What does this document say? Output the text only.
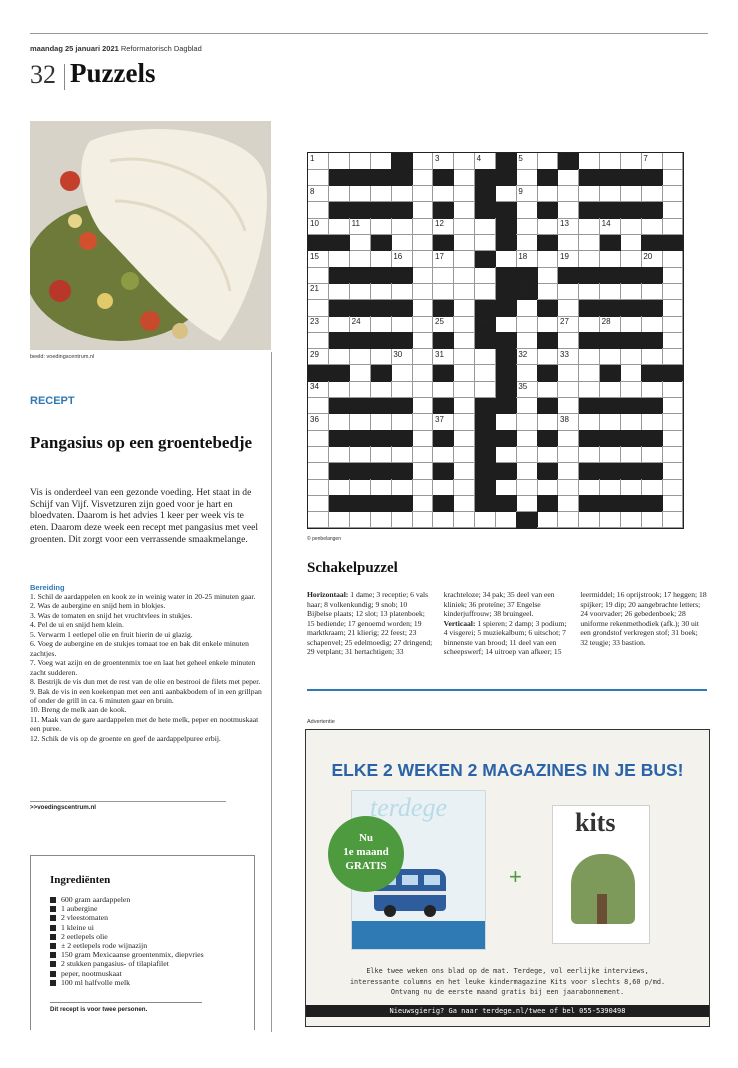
maandag 25 januari 2021 Reformatorisch Dagblad
32 Puzzels
beeld: voedingscentrum.nl
RECEPT
Pangasius op een groentebedje
Vis is onderdeel van een gezonde voeding. Het staat in de Schijf van Vijf. Visvetzuren zijn goed voor je hart en bloedvaten. Daarom is het advies 1 keer per week vis te eten. Daarom deze week een recept met pangasius met veel groenten. Dit zorgt voor een verrassende smaakmelange.
Bereiding
1. Schil de aardappelen en kook ze in weinig water in 20-25 minuten gaar.
2. Was de aubergine en snijd hem in blokjes.
3. Was de tomaten en snijd het vruchtvlees in stukjes.
4. Pel de ui en snijd hem klein.
5. Verwarm 1 eetlepel olie en fruit hierin de ui glazig.
6. Voeg de aubergine en de stukjes tomaat toe en bak dit enkele minuten zachtjes.
7. Voeg wat azijn en de groentenmix toe en laat het geheel enkele minuten zacht sudderen.
8. Bestrijk de vis dun met de rest van de olie en bestrooi de filets met peper.
9. Bak de vis in een koekenpan met een anti aanbakbodem of in een grillpan of onder de grill in ca. 6 minuten gaar en bruin.
10. Breng de melk aan de kook.
11. Maak van de gare aardappelen met de hete melk, peper en nootmuskaat een puree.
12. Schik de vis op de groente en geef de aardappelpuree erbij.
>>voedingscentrum.nl
Ingrediënten
600 gram aardappelen
1 aubergine
2 vleestomaten
1 kleine ui
2 eetlepels olie
± 2 eetlepels rode wijnazijn
150 gram Mexicaanse groentenmix, diepvries
2 stukken pangasius- of tilapiafilet
peper, nootmuskaat
100 ml halfvolle melk
Dit recept is voor twee personen.
1	2	3	4	5	6	7
8	9
10	11	12	13	14
15	16	17	18	19	20
21	22
23	24	25	26	27	28
29	30	31	32	33
34	35
36	37	38
© penbelangen
Schakelpuzzel
Horizontaal: 1 dame; 3 receptie; 6 vals haar; 8 volkenkundig; 9 snob; 10 Bijbelse plaats; 12 slot; 13 platenboek; 15 bediende; 17 genoemd worden; 19 marktkraam; 21 klierig; 22 feest; 23 schapenvel; 25 edelmoedig; 27 dringend; 29 vetplant; 31 hertachtigen; 33 krachteloze; 34 pak; 35 deel van een kliniek; 36 proteïne; 37 Engelse kinderjuffrouw; 38 bruingeel.
Verticaal: 1 spieren; 2 damp; 3 podium; 4 visgerei; 5 muziekalbum; 6 uitschot; 7 binnenste van brood; 11 deel van een scheepswerf; 14 uitroep van afkeer; 15 leermiddel; 16 oprijstrook; 17 heggen; 18 spijker; 19 dip; 20 aangebrachte letters; 24 voorvader; 26 gebedenboek; 28 uniforme rekenmethodiek (afk.); 30 uit een grondstof verkregen stof; 31 boek; 32 teugje; 33 bastion.
Advertentie
ELKE 2 WEKEN 2 MAGAZINES IN JE BUS!
terdege
Nu
1e maand
GRATIS	+
kits
Elke twee weken ons blad op de mat. Terdege, vol eerlijke interviews,
interessante columns en het leuke kindermagazine Kits voor slechts 8,60 p/md.
Ontvang nu de eerste maand gratis bij een jaarabonnement.
Nieuwsgierig? Ga naar terdege.nl/twee of bel 055-5390498
